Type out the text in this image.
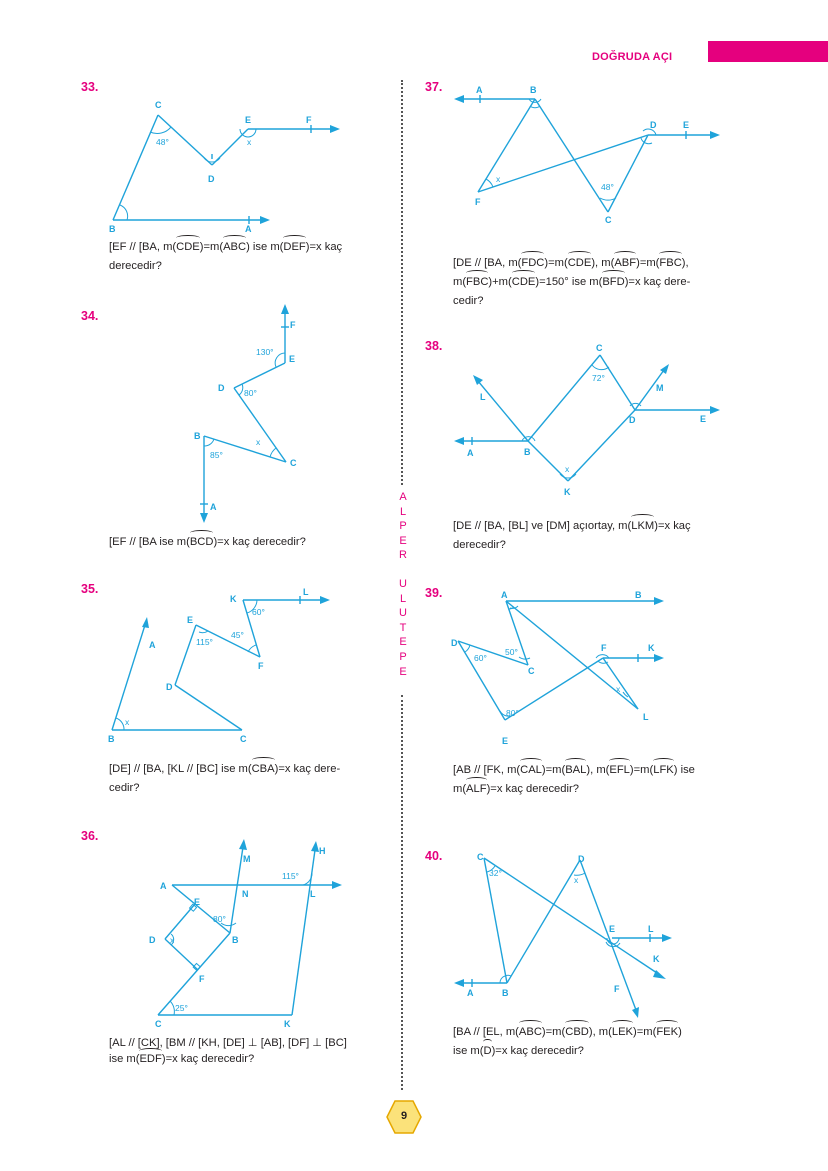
DOĞRUDA AÇI
A
L
P
E
R
U
L
U
T
E
P
E
33.
C
D
E	F
B	A
48°	x
[EF // [BA, m(CDE)=m(ABC) ise m(DEF)=x kaç
derecedir?
34.
F
E
130°
D 80°
B
85°
x
C
A
[EF // [BA ise m(BCD)=x kaç derecedir?
35.
K
L
60°
E
115°
45°
F
D
A
x
B	C
[DE] // [BA, [KL // [BC] ise m(CBA)=x kaç dere-
cedir?
36.
M
H
A
N	L
115°
E
80°
D x	B
F
25°
C	K
[AL // [CK], [BM // [KH, [DE] ⊥ [AB], [DF] ⊥ [BC]
ise m(EDF)=x kaç derecedir?
37.	A	B
D	E
x
F
48°
C
[DE // [BA, m(FDC)=m(CDE), m(ABF)=m(FBC),
m(FBC)+m(CDE)=150° ise m(BFD)=x kaç dere-
cedir?
38.	C
72°
L
M
D	E
A	B
x
K
[DE // [BA, [BL] ve [DM] açıortay, m(LKM)=x kaç
derecedir?
39.	A	B
D
60°
50°
C
F	K
x
L
80°
E
[AB // [FK, m(CAL)=m(BAL), m(EFL)=m(LFK) ise
m(ALF)=x kaç derecedir?
40.	C
32°
D
x
E	L
K
A	B	F
[BA // [EL, m(ABC)=m(CBD), m(LEK)=m(FEK)
ise m(D)=x kaç derecedir?
9
